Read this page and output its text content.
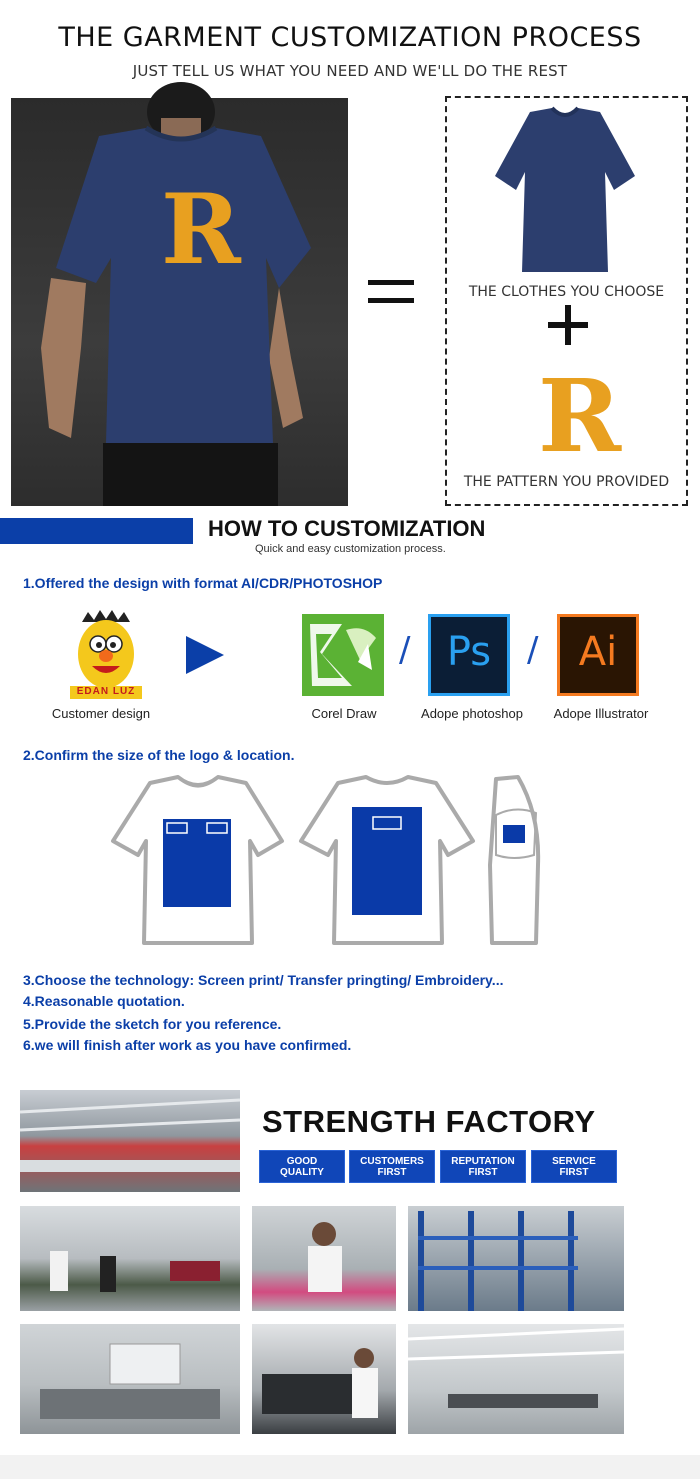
THE GARMENT CUSTOMIZATION PROCESS
JUST TELL US WHAT YOU NEED AND WE'LL DO THE REST
R
THE CLOTHES YOU CHOOSE
R
THE PATTERN YOU PROVIDED
HOW TO CUSTOMIZATION
Quick and easy customization process.
1.Offered the design with format AI/CDR/PHOTOSHOP
EDAN LUZ
Customer design	Corel Draw
/ Ps
Adope photoshop
/	Ai
Adope Illustrator
2.Confirm the size of the logo & location.
3.Choose the technology: Screen print/ Transfer pringting/ Embroidery...
4.Reasonable quotation.
5.Provide the sketch for you reference.
6.we will finish after work as you have confirmed.
STRENGTH FACTORY
GOOD
QUALITY
CUSTOMERS
FIRST
REPUTATION
FIRST
SERVICE
FIRST
